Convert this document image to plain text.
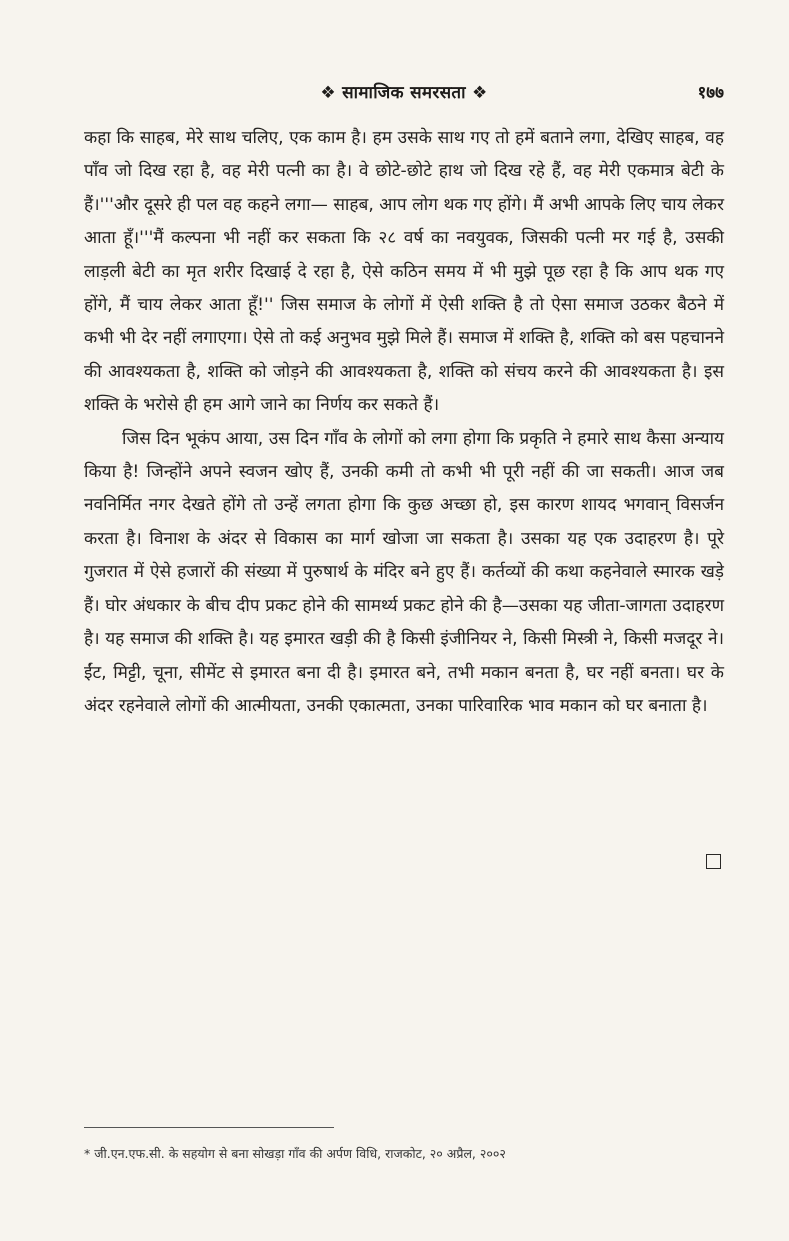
❖ सामाजिक समरसता ❖	१७७

कहा कि साहब, मेरे साथ चलिए, एक काम है। हम उसके साथ गए तो हमें बताने लगा, देखिए साहब, वह पाँव जो दिख रहा है, वह मेरी पत्नी का है। वे छोटे-छोटे हाथ जो दिख रहे हैं, वह मेरी एकमात्र बेटी के हैं।'''और दूसरे ही पल वह कहने लगा— साहब, आप लोग थक गए होंगे। मैं अभी आपके लिए चाय लेकर आता हूँ।'''मैं कल्पना भी नहीं कर सकता कि २८ वर्ष का नवयुवक, जिसकी पत्नी मर गई है, उसकी लाड़ली बेटी का मृत शरीर दिखाई दे रहा है, ऐसे कठिन समय में भी मुझे पूछ रहा है कि आप थक गए होंगे, मैं चाय लेकर आता हूँ!'' जिस समाज के लोगों में ऐसी शक्ति है तो ऐसा समाज उठकर बैठने में कभी भी देर नहीं लगाएगा। ऐसे तो कई अनुभव मुझे मिले हैं। समाज में शक्ति है, शक्ति को बस पहचानने की आवश्यकता है, शक्ति को जोड़ने की आवश्यकता है, शक्ति को संचय करने की आवश्यकता है। इस शक्ति के भरोसे ही हम आगे जाने का निर्णय कर सकते हैं।

जिस दिन भूकंप आया, उस दिन गाँव के लोगों को लगा होगा कि प्रकृति ने हमारे साथ कैसा अन्याय किया है! जिन्होंने अपने स्वजन खोए हैं, उनकी कमी तो कभी भी पूरी नहीं की जा सकती। आज जब नवनिर्मित नगर देखते होंगे तो उन्हें लगता होगा कि कुछ अच्छा हो, इस कारण शायद भगवान् विसर्जन करता है। विनाश के अंदर से विकास का मार्ग खोजा जा सकता है। उसका यह एक उदाहरण है। पूरे गुजरात में ऐसे हजारों की संख्या में पुरुषार्थ के मंदिर बने हुए हैं। कर्तव्यों की कथा कहनेवाले स्मारक खड़े हैं। घोर अंधकार के बीच दीप प्रकट होने की सामर्थ्य प्रकट होने की है—उसका यह जीता-जागता उदाहरण है। यह समाज की शक्ति है। यह इमारत खड़ी की है किसी इंजीनियर ने, किसी मिस्त्री ने, किसी मजदूर ने। ईंट, मिट्टी, चूना, सीमेंट से इमारत बना दी है। इमारत बने, तभी मकान बनता है, घर नहीं बनता। घर के अंदर रहनेवाले लोगों की आत्मीयता, उनकी एकात्मता, उनका पारिवारिक भाव मकान को घर बनाता है।

* जी.एन.एफ.सी. के सहयोग से बना सोखड़ा गाँव की अर्पण विधि, राजकोट, २० अप्रैल, २००२
